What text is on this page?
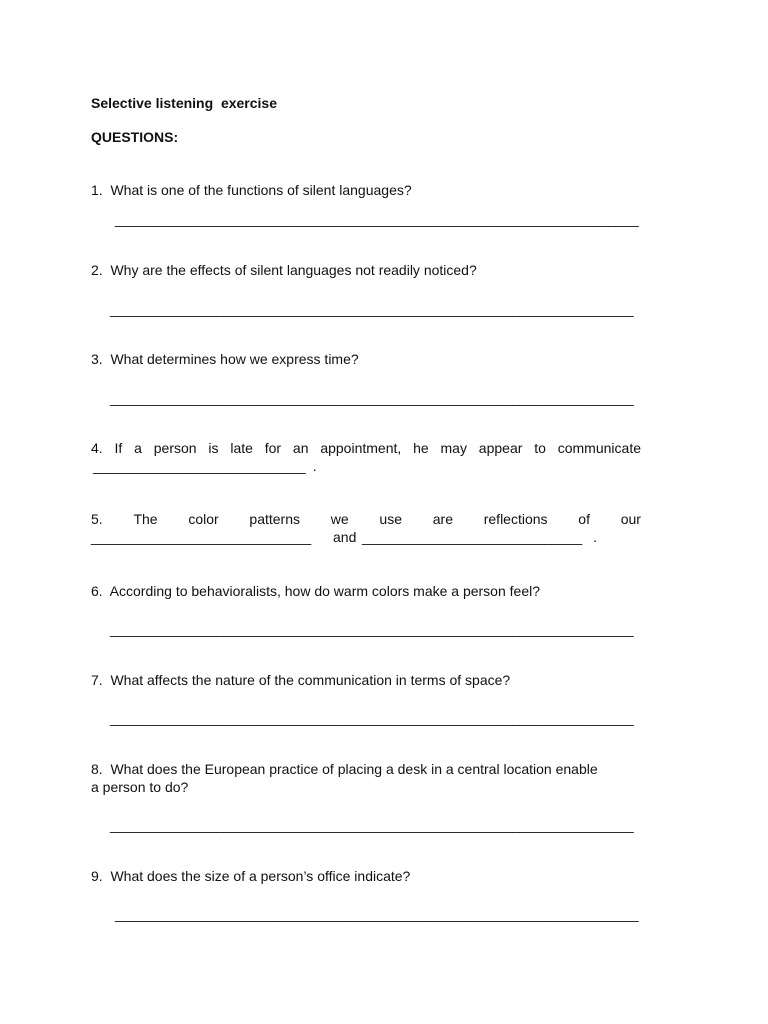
Selective listening  exercise
QUESTIONS:
1.  What is one of the functions of silent languages?
_____________________________________________________________________
2.  Why are the effects of silent languages not readily noticed?
_____________________________________________________________________
3.  What determines how we express time?
_____________________________________________________________________
4. If a person is late for an appointment, he may appear to communicate
____________________________  .
5. The color patterns we use are reflections of our
_____________________________ and _____________________________   .
6.  According to behavioralists, how do warm colors make a person feel?
_____________________________________________________________________
7.  What affects the nature of the communication in terms of space?
_____________________________________________________________________
8.  What does the European practice of placing a desk in a central location enable
a person to do?
_____________________________________________________________________
9.  What does the size of a person’s office indicate?
_____________________________________________________________________
